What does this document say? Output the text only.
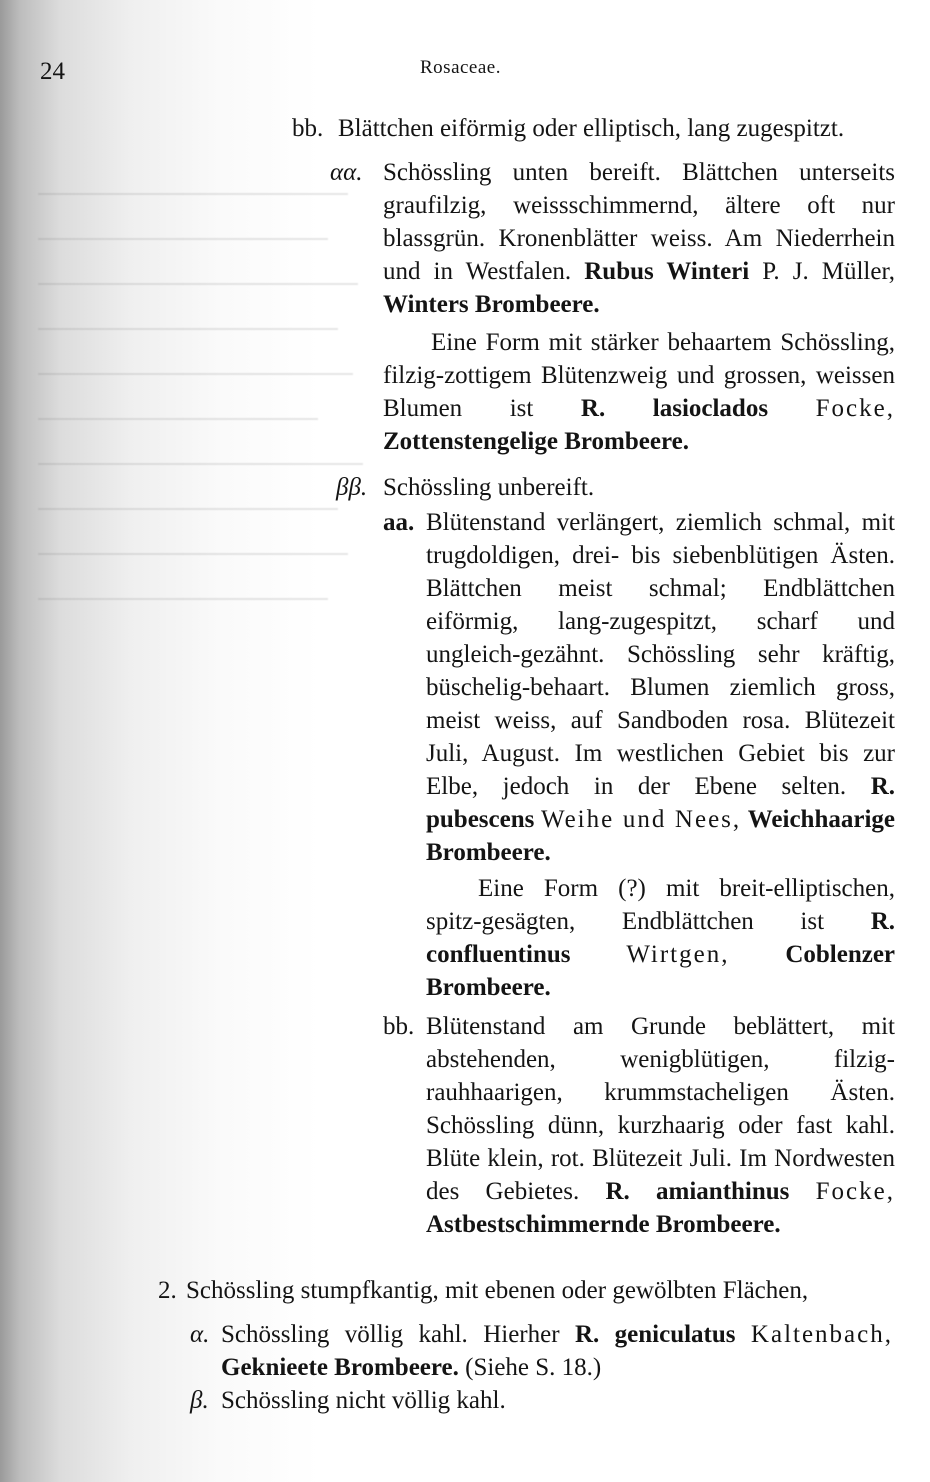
24	Rosaceae.
bb. Blättchen eiförmig oder elliptisch, lang zugespitzt.
αα. Schössling unten bereift. Blättchen unterseits graufilzig, weissschimmernd, ältere oft nur blassgrün. Kronenblätter weiss. Am Niederrhein und in Westfalen. Rubus Winteri P. J. Müller, Winters Brombeere.
Eine Form mit stärker behaartem Schössling, filzig-zottigem Blütenzweig und grossen, weissen Blumen ist R. lasioclados Focke, Zottenstengelige Brombeere.
ββ. Schössling unbereift.
aa. Blütenstand verlängert, ziemlich schmal, mit trugdoldigen, drei- bis siebenblütigen Ästen. Blättchen meist schmal; Endblättchen eiförmig, lang-zugespitzt, scharf und ungleich-gezähnt. Schössling sehr kräftig, büschelig-behaart. Blumen ziemlich gross, meist weiss, auf Sandboden rosa. Blütezeit Juli, August. Im westlichen Gebiet bis zur Elbe, jedoch in der Ebene selten. R. pubescens Weihe und Nees, Weichhaarige Brombeere.
Eine Form (?) mit breit-elliptischen, spitz-gesägten, Endblättchen ist R. confluentinus Wirtgen, Coblenzer Brombeere.
bb. Blütenstand am Grunde beblättert, mit abstehenden, wenigblütigen, filzig-rauhhaarigen, krummstacheligen Ästen. Schössling dünn, kurzhaarig oder fast kahl. Blüte klein, rot. Blütezeit Juli. Im Nordwesten des Gebietes. R. amianthinus Focke, Astbestschimmernde Brombeere.
2. Schössling stumpfkantig, mit ebenen oder gewölbten Flächen,
α. Schössling völlig kahl. Hierher R. geniculatus Kaltenbach, Geknieete Brombeere. (Siehe S. 18.)
β. Schössling nicht völlig kahl.
